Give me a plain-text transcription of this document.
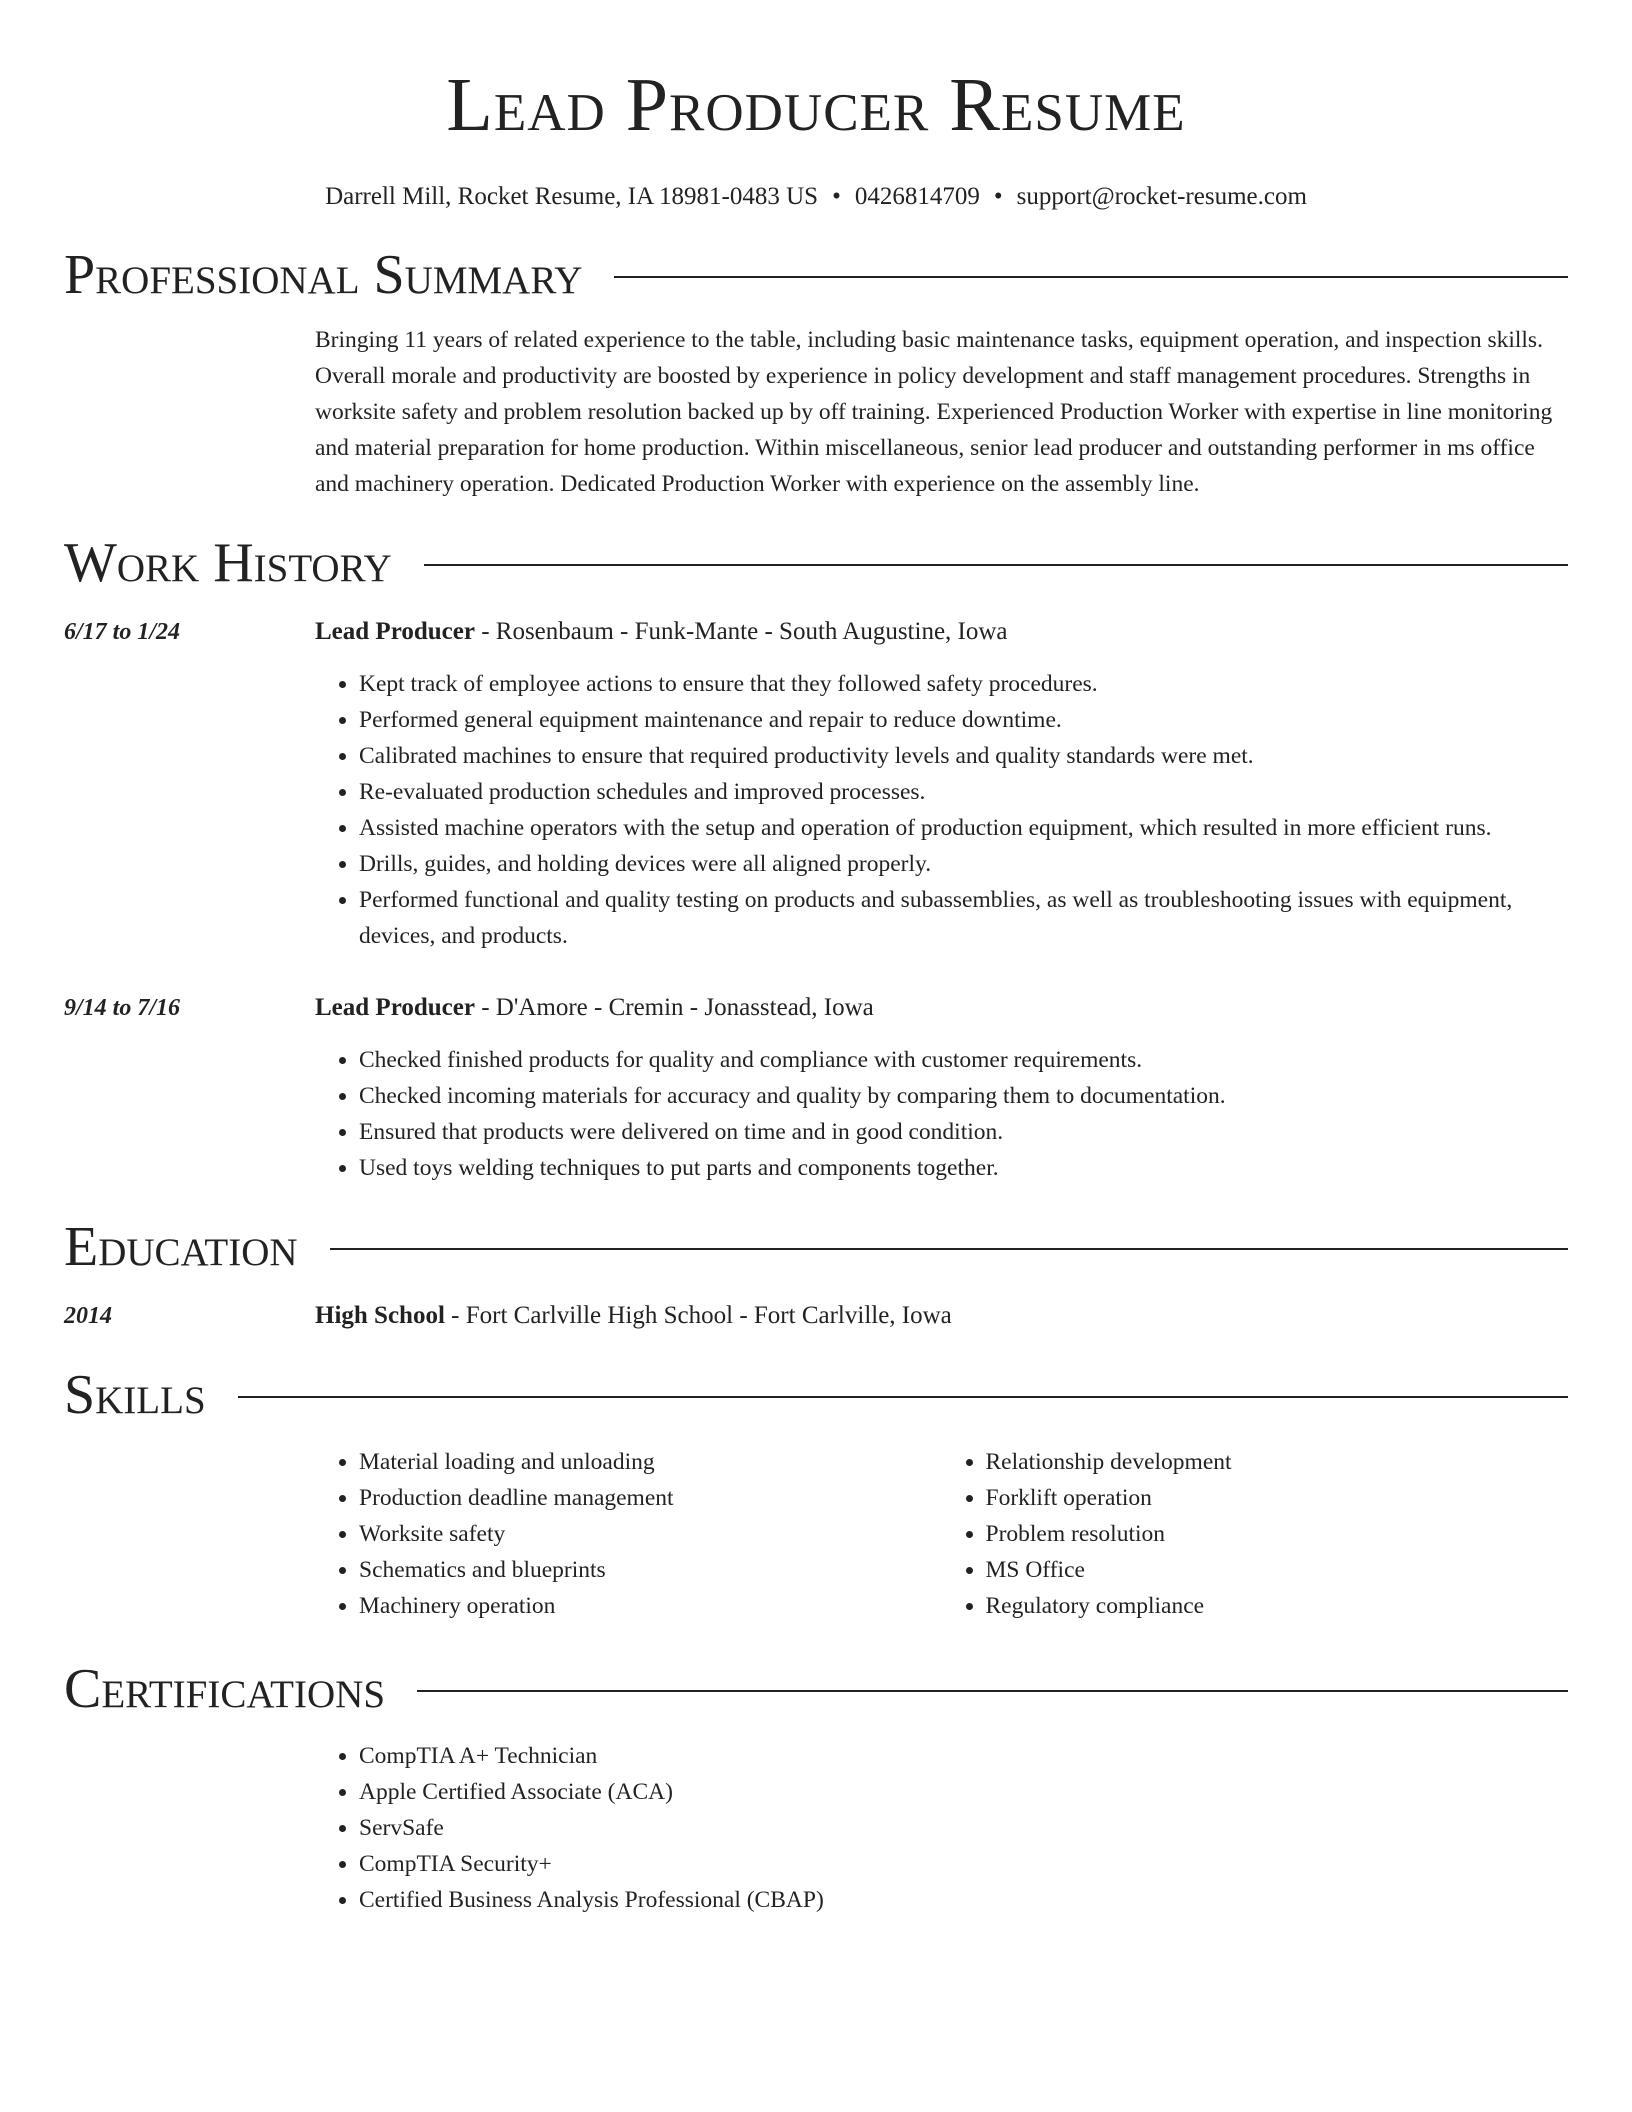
Lead Producer Resume
Darrell Mill, Rocket Resume, IA 18981-0483 US • 0426814709 • support@rocket-resume.com
Professional Summary
Bringing 11 years of related experience to the table, including basic maintenance tasks, equipment operation, and inspection skills. Overall morale and productivity are boosted by experience in policy development and staff management procedures. Strengths in worksite safety and problem resolution backed up by off training. Experienced Production Worker with expertise in line monitoring and material preparation for home production. Within miscellaneous, senior lead producer and outstanding performer in ms office and machinery operation. Dedicated Production Worker with experience on the assembly line.
Work History
6/17 to 1/24	Lead Producer - Rosenbaum - Funk-Mante - South Augustine, Iowa
• Kept track of employee actions to ensure that they followed safety procedures.
• Performed general equipment maintenance and repair to reduce downtime.
• Calibrated machines to ensure that required productivity levels and quality standards were met.
• Re-evaluated production schedules and improved processes.
• Assisted machine operators with the setup and operation of production equipment, which resulted in more efficient runs.
• Drills, guides, and holding devices were all aligned properly.
• Performed functional and quality testing on products and subassemblies, as well as troubleshooting issues with equipment, devices, and products.
9/14 to 7/16	Lead Producer - D'Amore - Cremin - Jonasstead, Iowa
• Checked finished products for quality and compliance with customer requirements.
• Checked incoming materials for accuracy and quality by comparing them to documentation.
• Ensured that products were delivered on time and in good condition.
• Used toys welding techniques to put parts and components together.
Education
2014	High School - Fort Carlville High School - Fort Carlville, Iowa
Skills
• Material loading and unloading
• Production deadline management
• Worksite safety
• Schematics and blueprints
• Machinery operation
• Relationship development
• Forklift operation
• Problem resolution
• MS Office
• Regulatory compliance
Certifications
• CompTIA A+ Technician
• Apple Certified Associate (ACA)
• ServSafe
• CompTIA Security+
• Certified Business Analysis Professional (CBAP)
